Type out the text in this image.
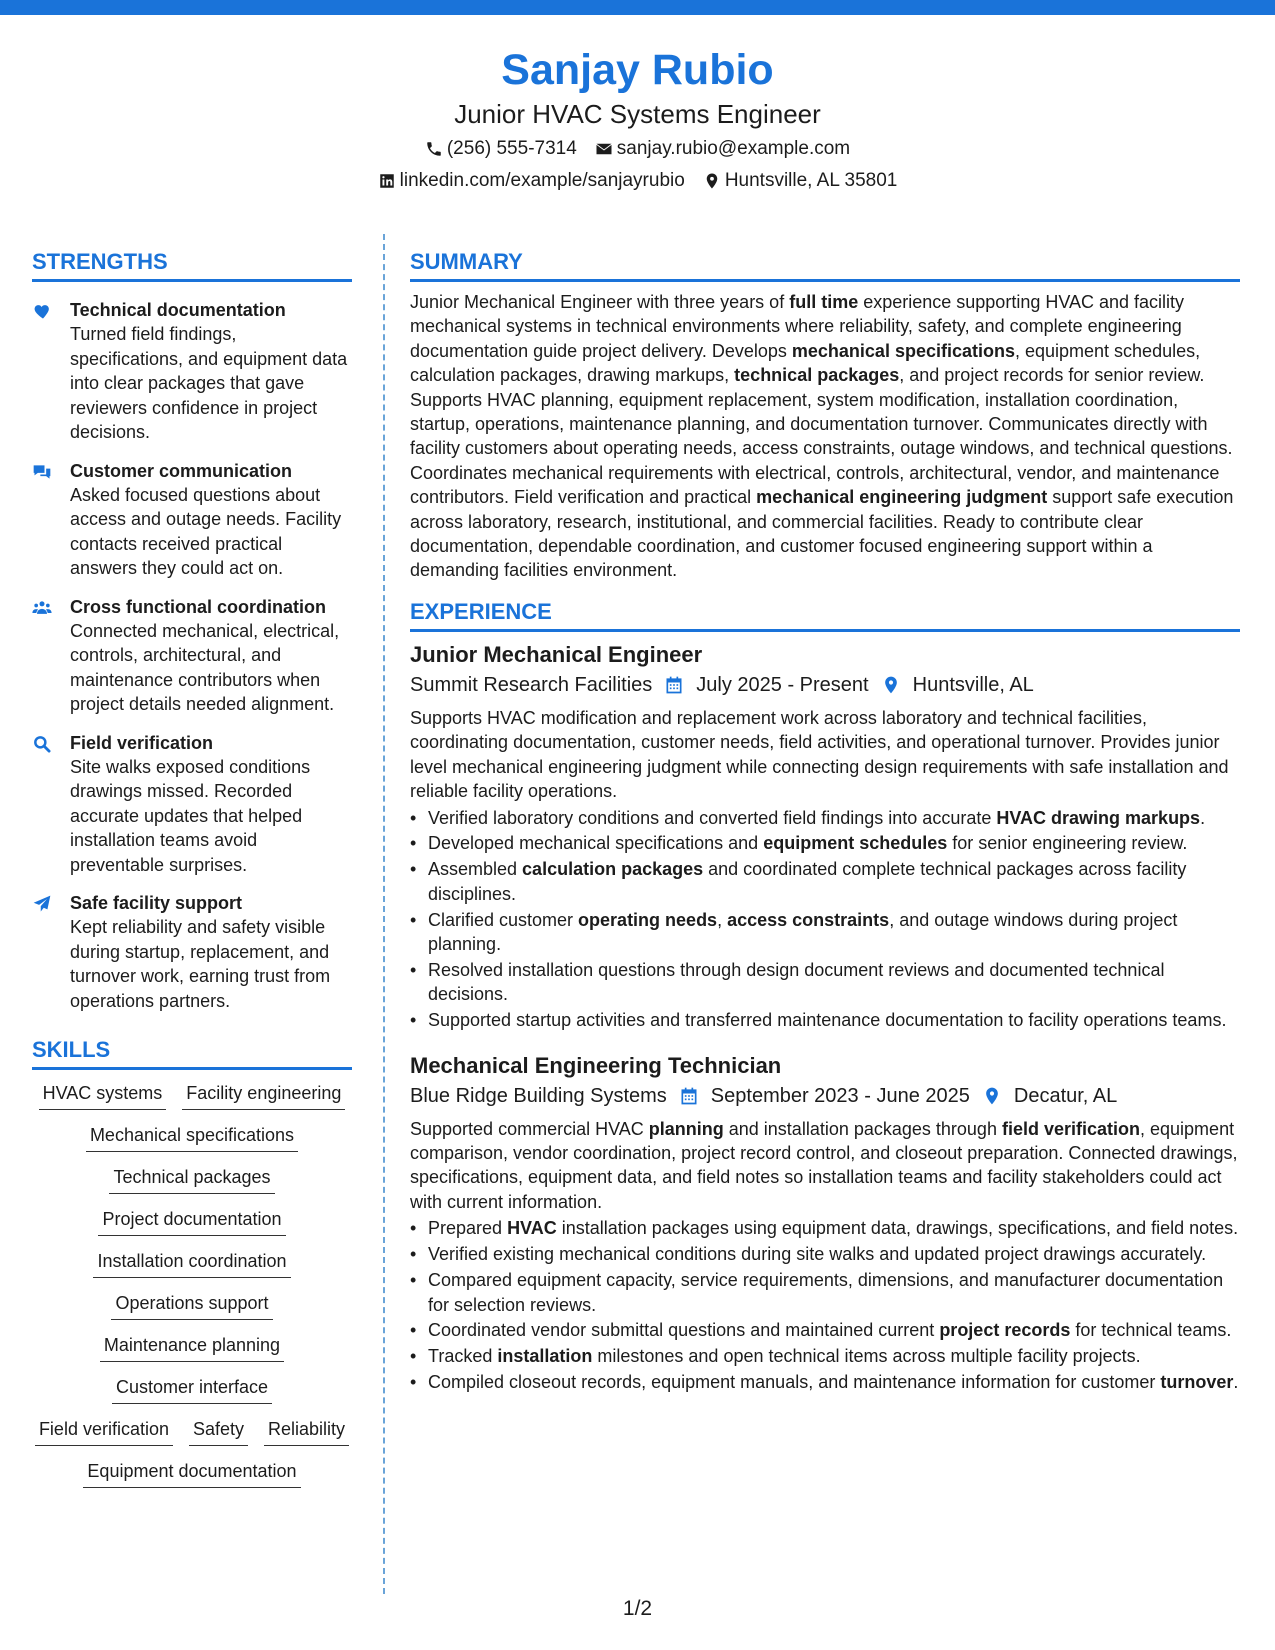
Sanjay Rubio
Junior HVAC Systems Engineer
(256) 555-7314 sanjay.rubio@example.com
linkedin.com/example/sanjayrubio Huntsville, AL 35801
STRENGTHS
Technical documentation
Turned field findings, specifications, and equipment data into clear packages that gave reviewers confidence in project decisions.
Customer communication
Asked focused questions about access and outage needs. Facility contacts received practical answers they could act on.
Cross functional coordination
Connected mechanical, electrical, controls, architectural, and maintenance contributors when project details needed alignment.
Field verification
Site walks exposed conditions drawings missed. Recorded accurate updates that helped installation teams avoid preventable surprises.
Safe facility support
Kept reliability and safety visible during startup, replacement, and turnover work, earning trust from operations partners.
SKILLS
HVAC systems Facility engineering
Mechanical specifications
Technical packages
Project documentation
Installation coordination
Operations support
Maintenance planning
Customer interface
Field verification Safety Reliability
Equipment documentation
SUMMARY
Junior Mechanical Engineer with three years of full time experience supporting HVAC and facility mechanical systems in technical environments where reliability, safety, and complete engineering documentation guide project delivery. Develops mechanical specifications, equipment schedules, calculation packages, drawing markups, technical packages, and project records for senior review. Supports HVAC planning, equipment replacement, system modification, installation coordination, startup, operations, maintenance planning, and documentation turnover. Communicates directly with facility customers about operating needs, access constraints, outage windows, and technical questions. Coordinates mechanical requirements with electrical, controls, architectural, vendor, and maintenance contributors. Field verification and practical mechanical engineering judgment support safe execution across laboratory, research, institutional, and commercial facilities. Ready to contribute clear documentation, dependable coordination, and customer focused engineering support within a demanding facilities environment.
EXPERIENCE
Junior Mechanical Engineer
Summit Research Facilities July 2025 - Present Huntsville, AL
Supports HVAC modification and replacement work across laboratory and technical facilities, coordinating documentation, customer needs, field activities, and operational turnover. Provides junior level mechanical engineering judgment while connecting design requirements with safe installation and reliable facility operations.
• Verified laboratory conditions and converted field findings into accurate HVAC drawing markups.
• Developed mechanical specifications and equipment schedules for senior engineering review.
• Assembled calculation packages and coordinated complete technical packages across facility disciplines.
• Clarified customer operating needs, access constraints, and outage windows during project planning.
• Resolved installation questions through design document reviews and documented technical decisions.
• Supported startup activities and transferred maintenance documentation to facility operations teams.
Mechanical Engineering Technician
Blue Ridge Building Systems September 2023 - June 2025 Decatur, AL
Supported commercial HVAC planning and installation packages through field verification, equipment comparison, vendor coordination, project record control, and closeout preparation. Connected drawings, specifications, equipment data, and field notes so installation teams and facility stakeholders could act with current information.
• Prepared HVAC installation packages using equipment data, drawings, specifications, and field notes.
• Verified existing mechanical conditions during site walks and updated project drawings accurately.
• Compared equipment capacity, service requirements, dimensions, and manufacturer documentation for selection reviews.
• Coordinated vendor submittal questions and maintained current project records for technical teams.
• Tracked installation milestones and open technical items across multiple facility projects.
• Compiled closeout records, equipment manuals, and maintenance information for customer turnover.
1/2
